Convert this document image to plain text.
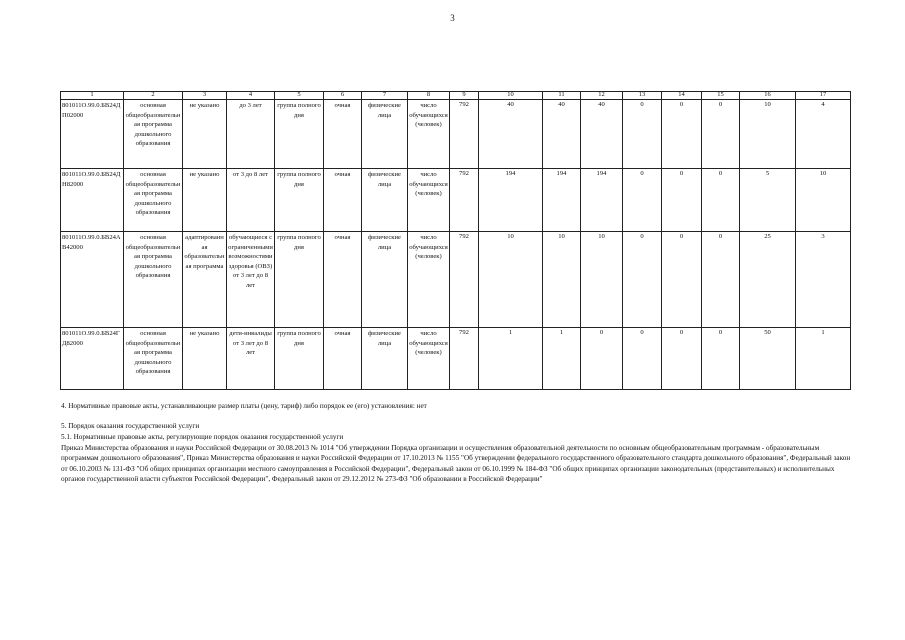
3
1	2	3	4	5	6	7	8	9	10	11	12	13	14	15	16	17
801011О.99.0.БВ24ДП02000	основная общеобразовательная программа дошкольного образования	не указано	до 3 лет	группа полного дня	очная	физические лица	число обучающихся (человек)	792	40	40	40	0	0	0	10	4
801011О.99.0.БВ24ДН82000	основная общеобразовательная программа дошкольного образования	не указано	от 3 до 8 лет	группа полного дня	очная	физические лица	число обучающихся (человек)	792	194	194	194	0	0	0	5	10
801011О.99.0.БВ24АВ42000	основная общеобразовательная программа дошкольного образования	адаптированная образовательная программа	обучающиеся с ограниченными возможностями здоровья (ОВЗ) от 3 лет до 8 лет	группа полного дня	очная	физические лица	число обучающихся (человек)	792	10	10	10	0	0	0	25	3
801011О.99.0.БВ24ГД82000	основная общеобразовательная программа дошкольного образования	не указано	дети-инвалиды от 3 лет до 8 лет	группа полного дня	очная	физические лица	число обучающихся (человек)	792	1	1	0	0	0	0	50	1
4. Нормативные правовые акты, устанавливающие размер платы (цену, тариф) либо порядок ее (его) установления: нет
5. Порядок оказания государственной услуги
5.1. Нормативные правовые акты, регулирующие порядок оказания государственной услуги
Приказ Министерства образования и науки Российской Федерации от 30.08.2013 № 1014 "Об утверждении Порядка организации и осуществления образовательной деятельности по основным общеобразовательным программам - образовательным программам дошкольного образования", Приказ Министерства образования и науки Российской Федерации от 17.10.2013 № 1155 "Об утверждении федерального государственного образовательного стандарта дошкольного образования", Федеральный закон от 06.10.2003 № 131-ФЗ "Об общих принципах организации местного самоуправления в Российской Федерации", Федеральный закон от 06.10.1999 № 184-ФЗ "Об общих принципах организации законодательных (представительных) и исполнительных органов государственной власти субъектов Российской Федерации", Федеральный закон от 29.12.2012 № 273-ФЗ "Об образовании в Российской Федерации"
